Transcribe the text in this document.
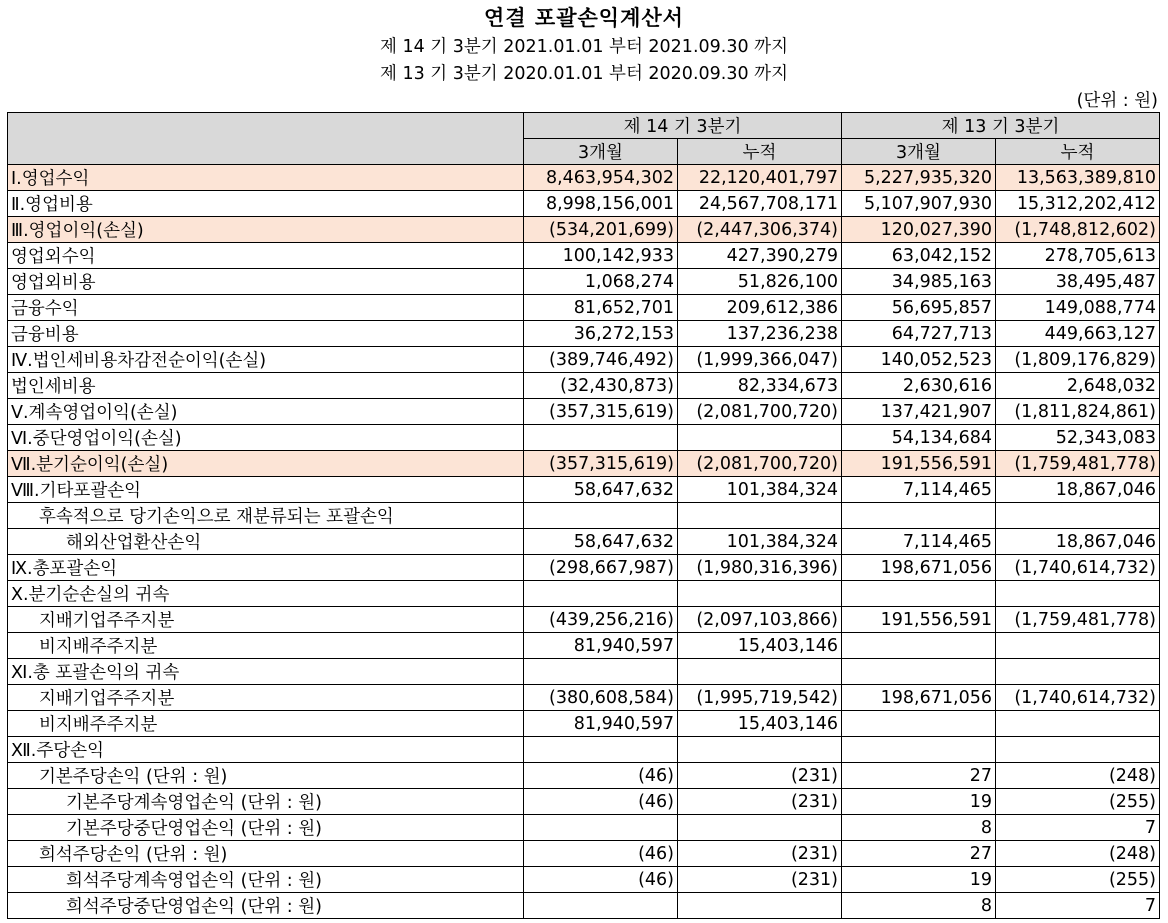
연결 포괄손익계산서
제 14 기 3분기 2021.01.01 부터 2021.09.30 까지
제 13 기 3분기 2020.01.01 부터 2020.09.30 까지
(단위 : 원)
	제 14 기 3분기		제 13 기 3분기	
	3개월	누적	3개월	누적
Ⅰ.영업수익	8,463,954,302	22,120,401,797	5,227,935,320	13,563,389,810
Ⅱ.영업비용	8,998,156,001	24,567,708,171	5,107,907,930	15,312,202,412
Ⅲ.영업이익(손실)	(534,201,699)	(2,447,306,374)	120,027,390	(1,748,812,602)
영업외수익	100,142,933	427,390,279	63,042,152	278,705,613
영업외비용	1,068,274	51,826,100	34,985,163	38,495,487
금융수익	81,652,701	209,612,386	56,695,857	149,088,774
금융비용	36,272,153	137,236,238	64,727,713	449,663,127
Ⅳ.법인세비용차감전순이익(손실)	(389,746,492)	(1,999,366,047)	140,052,523	(1,809,176,829)
법인세비용	(32,430,873)	82,334,673	2,630,616	2,648,032
Ⅴ.계속영업이익(손실)	(357,315,619)	(2,081,700,720)	137,421,907	(1,811,824,861)
Ⅵ.중단영업이익(손실)			54,134,684	52,343,083
Ⅶ.분기순이익(손실)	(357,315,619)	(2,081,700,720)	191,556,591	(1,759,481,778)
Ⅷ.기타포괄손익	58,647,632	101,384,324	7,114,465	18,867,046
후속적으로 당기손익으로 재분류되는 포괄손익				
해외산업환산손익	58,647,632	101,384,324	7,114,465	18,867,046
Ⅸ.총포괄손익	(298,667,987)	(1,980,316,396)	198,671,056	(1,740,614,732)
Ⅹ.분기순손실의 귀속				
지배기업주주지분	(439,256,216)	(2,097,103,866)	191,556,591	(1,759,481,778)
비지배주주지분	81,940,597	15,403,146		
Ⅺ.총 포괄손익의 귀속				
지배기업주주지분	(380,608,584)	(1,995,719,542)	198,671,056	(1,740,614,732)
비지배주주지분	81,940,597	15,403,146		
Ⅻ.주당손익				
기본주당손익 (단위 : 원)	(46)	(231)	27	(248)
기본주당계속영업손익 (단위 : 원)	(46)	(231)	19	(255)
기본주당중단영업손익 (단위 : 원)			8	7
희석주당손익 (단위 : 원)	(46)	(231)	27	(248)
희석주당계속영업손익 (단위 : 원)	(46)	(231)	19	(255)
희석주당중단영업손익 (단위 : 원)			8	7
